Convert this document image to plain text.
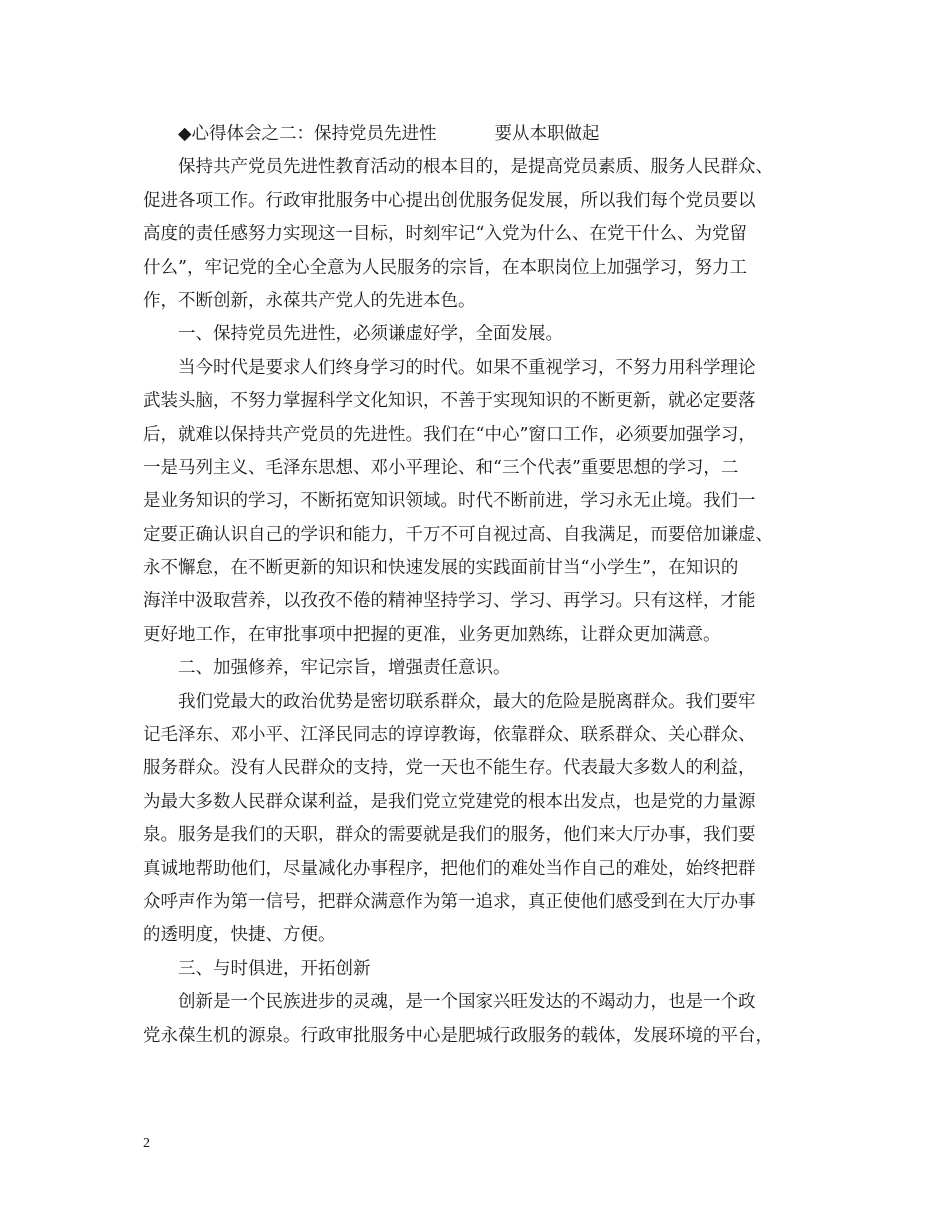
◆心得体会之二：保持党员先进性	要从本职做起
保持共产党员先进性教育活动的根本目的，是提高党员素质、服务人民群众、
促进各项工作。行政审批服务中心提出创优服务促发展，所以我们每个党员要以
高度的责任感努力实现这一目标，时刻牢记“入党为什么、在党干什么、为党留
什么”，牢记党的全心全意为人民服务的宗旨，在本职岗位上加强学习，努力工
作，不断创新，永葆共产党人的先进本色。
一、保持党员先进性，必须谦虚好学，全面发展。
当今时代是要求人们终身学习的时代。如果不重视学习，不努力用科学理论
武装头脑，不努力掌握科学文化知识，不善于实现知识的不断更新，就必定要落
后，就难以保持共产党员的先进性。我们在“中心”窗口工作，必须要加强学习，
一是马列主义、毛泽东思想、邓小平理论、和“三个代表”重要思想的学习，二
是业务知识的学习，不断拓宽知识领域。时代不断前进，学习永无止境。我们一
定要正确认识自己的学识和能力，千万不可自视过高、自我满足，而要倍加谦虚、
永不懈怠，在不断更新的知识和快速发展的实践面前甘当“小学生”，在知识的
海洋中汲取营养，以孜孜不倦的精神坚持学习、学习、再学习。只有这样，才能
更好地工作，在审批事项中把握的更准，业务更加熟练，让群众更加满意。
二、加强修养，牢记宗旨，增强责任意识。
我们党最大的政治优势是密切联系群众，最大的危险是脱离群众。我们要牢
记毛泽东、邓小平、江泽民同志的谆谆教诲，依靠群众、联系群众、关心群众、
服务群众。没有人民群众的支持，党一天也不能生存。代表最大多数人的利益，
为最大多数人民群众谋利益，是我们党立党建党的根本出发点，也是党的力量源
泉。服务是我们的天职，群众的需要就是我们的服务，他们来大厅办事，我们要
真诚地帮助他们，尽量减化办事程序，把他们的难处当作自己的难处，始终把群
众呼声作为第一信号，把群众满意作为第一追求，真正使他们感受到在大厅办事
的透明度，快捷、方便。
三、与时俱进，开拓创新
创新是一个民族进步的灵魂，是一个国家兴旺发达的不竭动力，也是一个政
党永葆生机的源泉。行政审批服务中心是肥城行政服务的载体，发展环境的平台，
2
